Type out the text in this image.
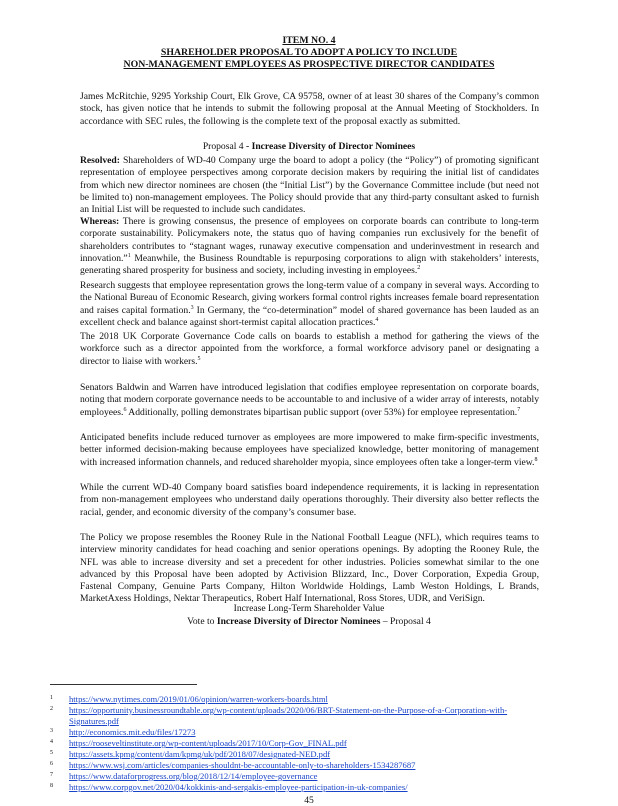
ITEM NO. 4
SHAREHOLDER PROPOSAL TO ADOPT A POLICY TO INCLUDE
NON-MANAGEMENT EMPLOYEES AS PROSPECTIVE DIRECTOR CANDIDATES
James McRitchie, 9295 Yorkship Court, Elk Grove, CA 95758, owner of at least 30 shares of the Company’s common stock, has given notice that he intends to submit the following proposal at the Annual Meeting of Stockholders. In accordance with SEC rules, the following is the complete text of the proposal exactly as submitted.
Proposal 4 - Increase Diversity of Director Nominees
Resolved: Shareholders of WD-40 Company urge the board to adopt a policy (the “Policy”) of promoting significant representation of employee perspectives among corporate decision makers by requiring the initial list of candidates from which new director nominees are chosen (the “Initial List”) by the Governance Committee include (but need not be limited to) non-management employees. The Policy should provide that any third-party consultant asked to furnish an Initial List will be requested to include such candidates.
Whereas: There is growing consensus, the presence of employees on corporate boards can contribute to long-term corporate sustainability. Policymakers note, the status quo of having companies run exclusively for the benefit of shareholders contributes to “stagnant wages, runaway executive compensation and underinvestment in research and innovation.”$^1$ Meanwhile, the Business Roundtable is repurposing corporations to align with stakeholders’ interests, generating shared prosperity for business and society, including investing in employees.$^2$
Research suggests that employee representation grows the long-term value of a company in several ways. According to the National Bureau of Economic Research, giving workers formal control rights increases female board representation and raises capital formation.$^3$ In Germany, the “co-determination” model of shared governance has been lauded as an excellent check and balance against short-termist capital allocation practices.$^4$
The 2018 UK Corporate Governance Code calls on boards to establish a method for gathering the views of the workforce such as a director appointed from the workforce, a formal workforce advisory panel or designating a director to liaise with workers.$^5$
Senators Baldwin and Warren have introduced legislation that codifies employee representation on corporate boards, noting that modern corporate governance needs to be accountable to and inclusive of a wider array of interests, notably employees.$^6$ Additionally, polling demonstrates bipartisan public support (over 53%) for employee representation.$^7$
Anticipated benefits include reduced turnover as employees are more impowered to make firm-specific investments, better informed decision-making because employees have specialized knowledge, better monitoring of management with increased information channels, and reduced shareholder myopia, since employees often take a longer-term view.$^8$
While the current WD-40 Company board satisfies board independence requirements, it is lacking in representation from non-management employees who understand daily operations thoroughly. Their diversity also better reflects the racial, gender, and economic diversity of the company’s consumer base.
The Policy we propose resembles the Rooney Rule in the National Football League (NFL), which requires teams to interview minority candidates for head coaching and senior operations openings. By adopting the Rooney Rule, the NFL was able to increase diversity and set a precedent for other industries. Policies somewhat similar to the one advanced by this Proposal have been adopted by Activision Blizzard, Inc., Dover Corporation, Expedia Group, Fastenal Company, Genuine Parts Company, Hilton Worldwide Holdings, Lamb Weston Holdings, L Brands, MarketAxess Holdings, Nektar Therapeutics, Robert Half International, Ross Stores, UDR, and VeriSign.
Increase Long-Term Shareholder Value
Vote to Increase Diversity of Director Nominees – Proposal 4
1	https://www.nytimes.com/2019/01/06/opinion/warren-workers-boards.html
2	https://opportunity.businessroundtable.org/wp-content/uploads/2020/06/BRT-Statement-on-the-Purpose-of-a-Corporation-with-Signatures.pdf
3	http://economics.mit.edu/files/17273
4	https://rooseveltinstitute.org/wp-content/uploads/2017/10/Corp-Gov_FINAL.pdf
5	https://assets.kpmg/content/dam/kpmg/uk/pdf/2018/07/designated-NED.pdf
6	https://www.wsj.com/articles/companies-shouldnt-be-accountable-only-to-shareholders-1534287687
7	https://www.dataforprogress.org/blog/2018/12/14/employee-governance
8	https://www.corpgov.net/2020/04/kokkinis-and-sergakis-employee-participation-in-uk-companies/
45
